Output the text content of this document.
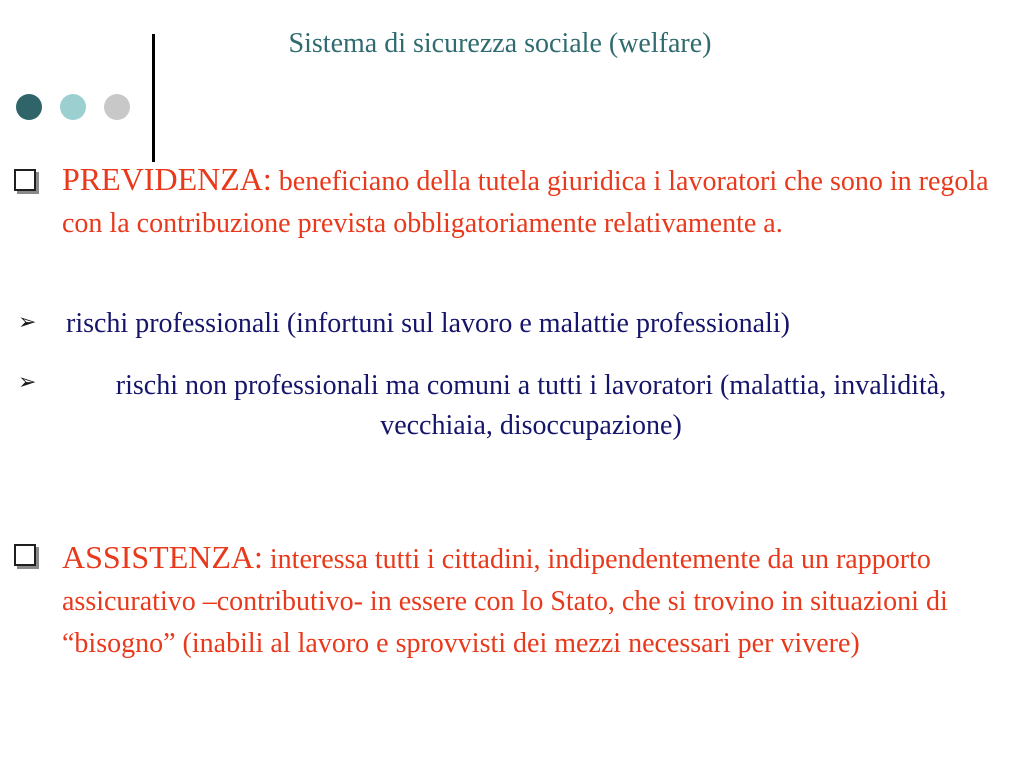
Sistema di sicurezza sociale (welfare)
PREVIDENZA: beneficiano della tutela giuridica i lavoratori che sono in regola con la contribuzione prevista obbligatoriamente relativamente a.
➢ rischi professionali (infortuni sul lavoro e malattie professionali)
➢	rischi non professionali ma comuni a tutti i lavoratori (malattia, invalidità, vecchiaia, disoccupazione)
ASSISTENZA: interessa tutti i cittadini, indipendentemente da un rapporto assicurativo –contributivo- in essere con lo Stato, che si trovino in situazioni di “bisogno” (inabili al lavoro e sprovvisti dei mezzi necessari per vivere)
